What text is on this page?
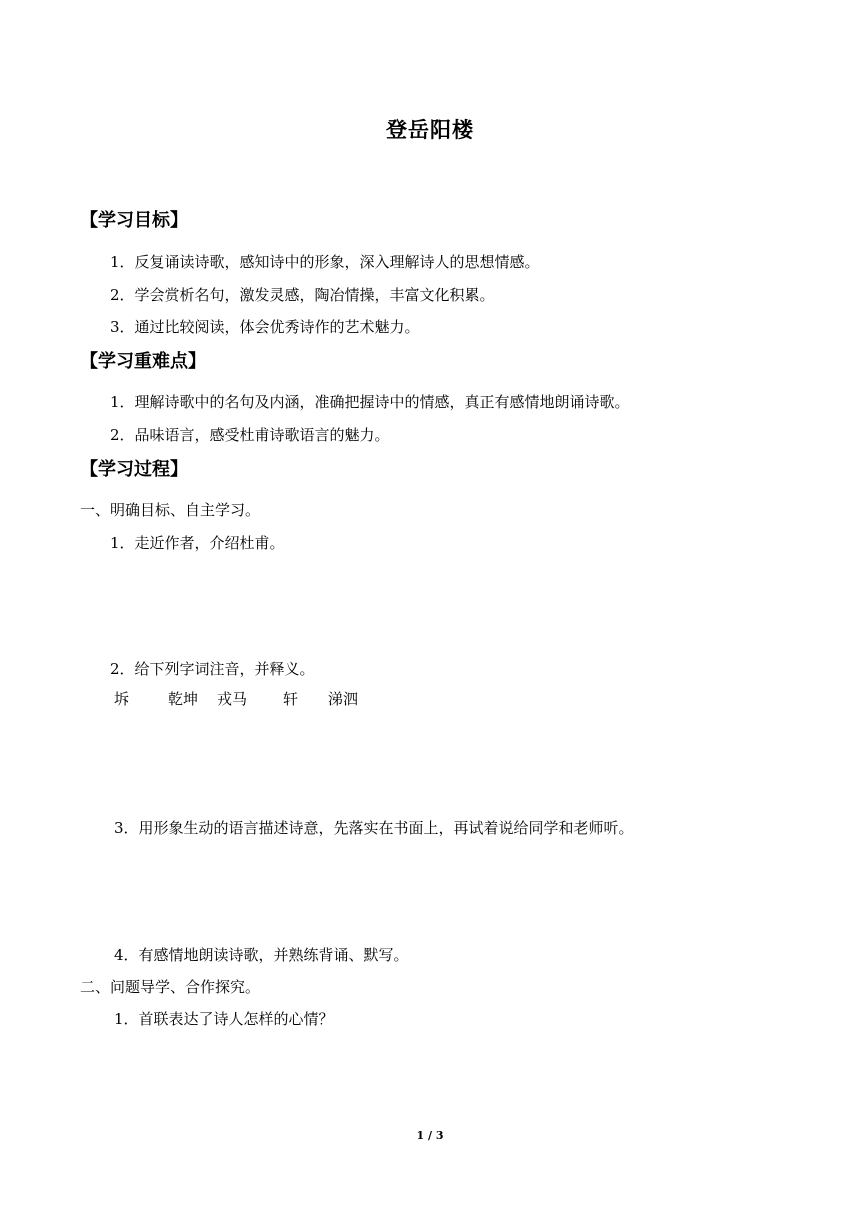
登岳阳楼
【学习目标】
1．反复诵读诗歌，感知诗中的形象，深入理解诗人的思想情感。
2．学会赏析名句，激发灵感，陶冶情操，丰富文化积累。
3．通过比较阅读，体会优秀诗作的艺术魅力。
【学习重难点】
1．理解诗歌中的名句及内涵，准确把握诗中的情感，真正有感情地朗诵诗歌。
2．品味语言，感受杜甫诗歌语言的魅力。
【学习过程】
一、明确目标、自主学习。
1．走近作者，介绍杜甫。
2．给下列字词注音，并释义。
坼	乾坤	戎马	轩	涕泗
3．用形象生动的语言描述诗意，先落实在书面上，再试着说给同学和老师听。
4．有感情地朗读诗歌，并熟练背诵、默写。
二、问题导学、合作探究。
1．首联表达了诗人怎样的心情？
1 / 3
